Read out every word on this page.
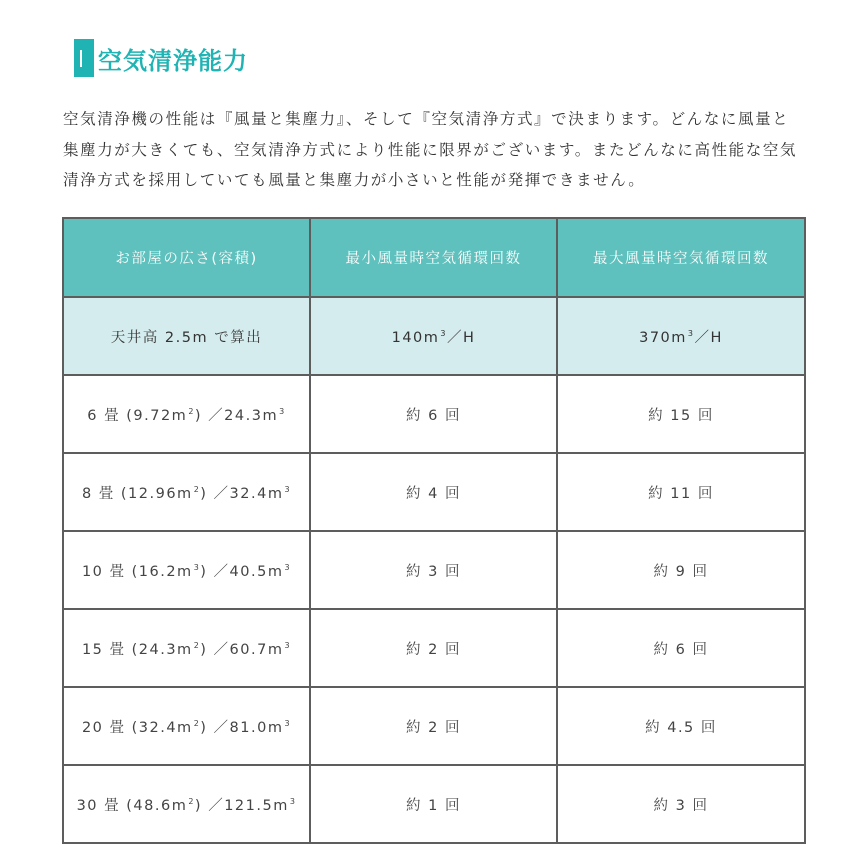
空気清浄能力

空気清浄機の性能は『風量と集塵力』、そして『空気清浄方式』で決まります。どんなに風量と

集塵力が大きくても、空気清浄方式により性能に限界がございます。またどんなに高性能な空気

清浄方式を採用していても風量と集塵力が小さいと性能が発揮できません。

お部屋の広さ(容積)	最小風量時空気循環回数	最大風量時空気循環回数
天井高 2.5m で算出	$140m^3/H$	$370m^3/H$
6 畳 $(9.72m^2)$ $/24.3m^3$	約 6 回	約 15 回
8 畳 $(12.96m^2)$ $/32.4m^3$	約 4 回	約 11 回
10 畳 $(16.2m^3)$ $/40.5m^3$	約 3 回	約 9 回
15 畳 $(24.3m^2)$ $/60.7m^3$	約 2 回	約 6 回
20 畳 $(32.4m^2)$ $/81.0m^3$	約 2 回	約 4.5 回
30 畳 $(48.6m^2)$ $/121.5m^3$	約 1 回	約 3 回
